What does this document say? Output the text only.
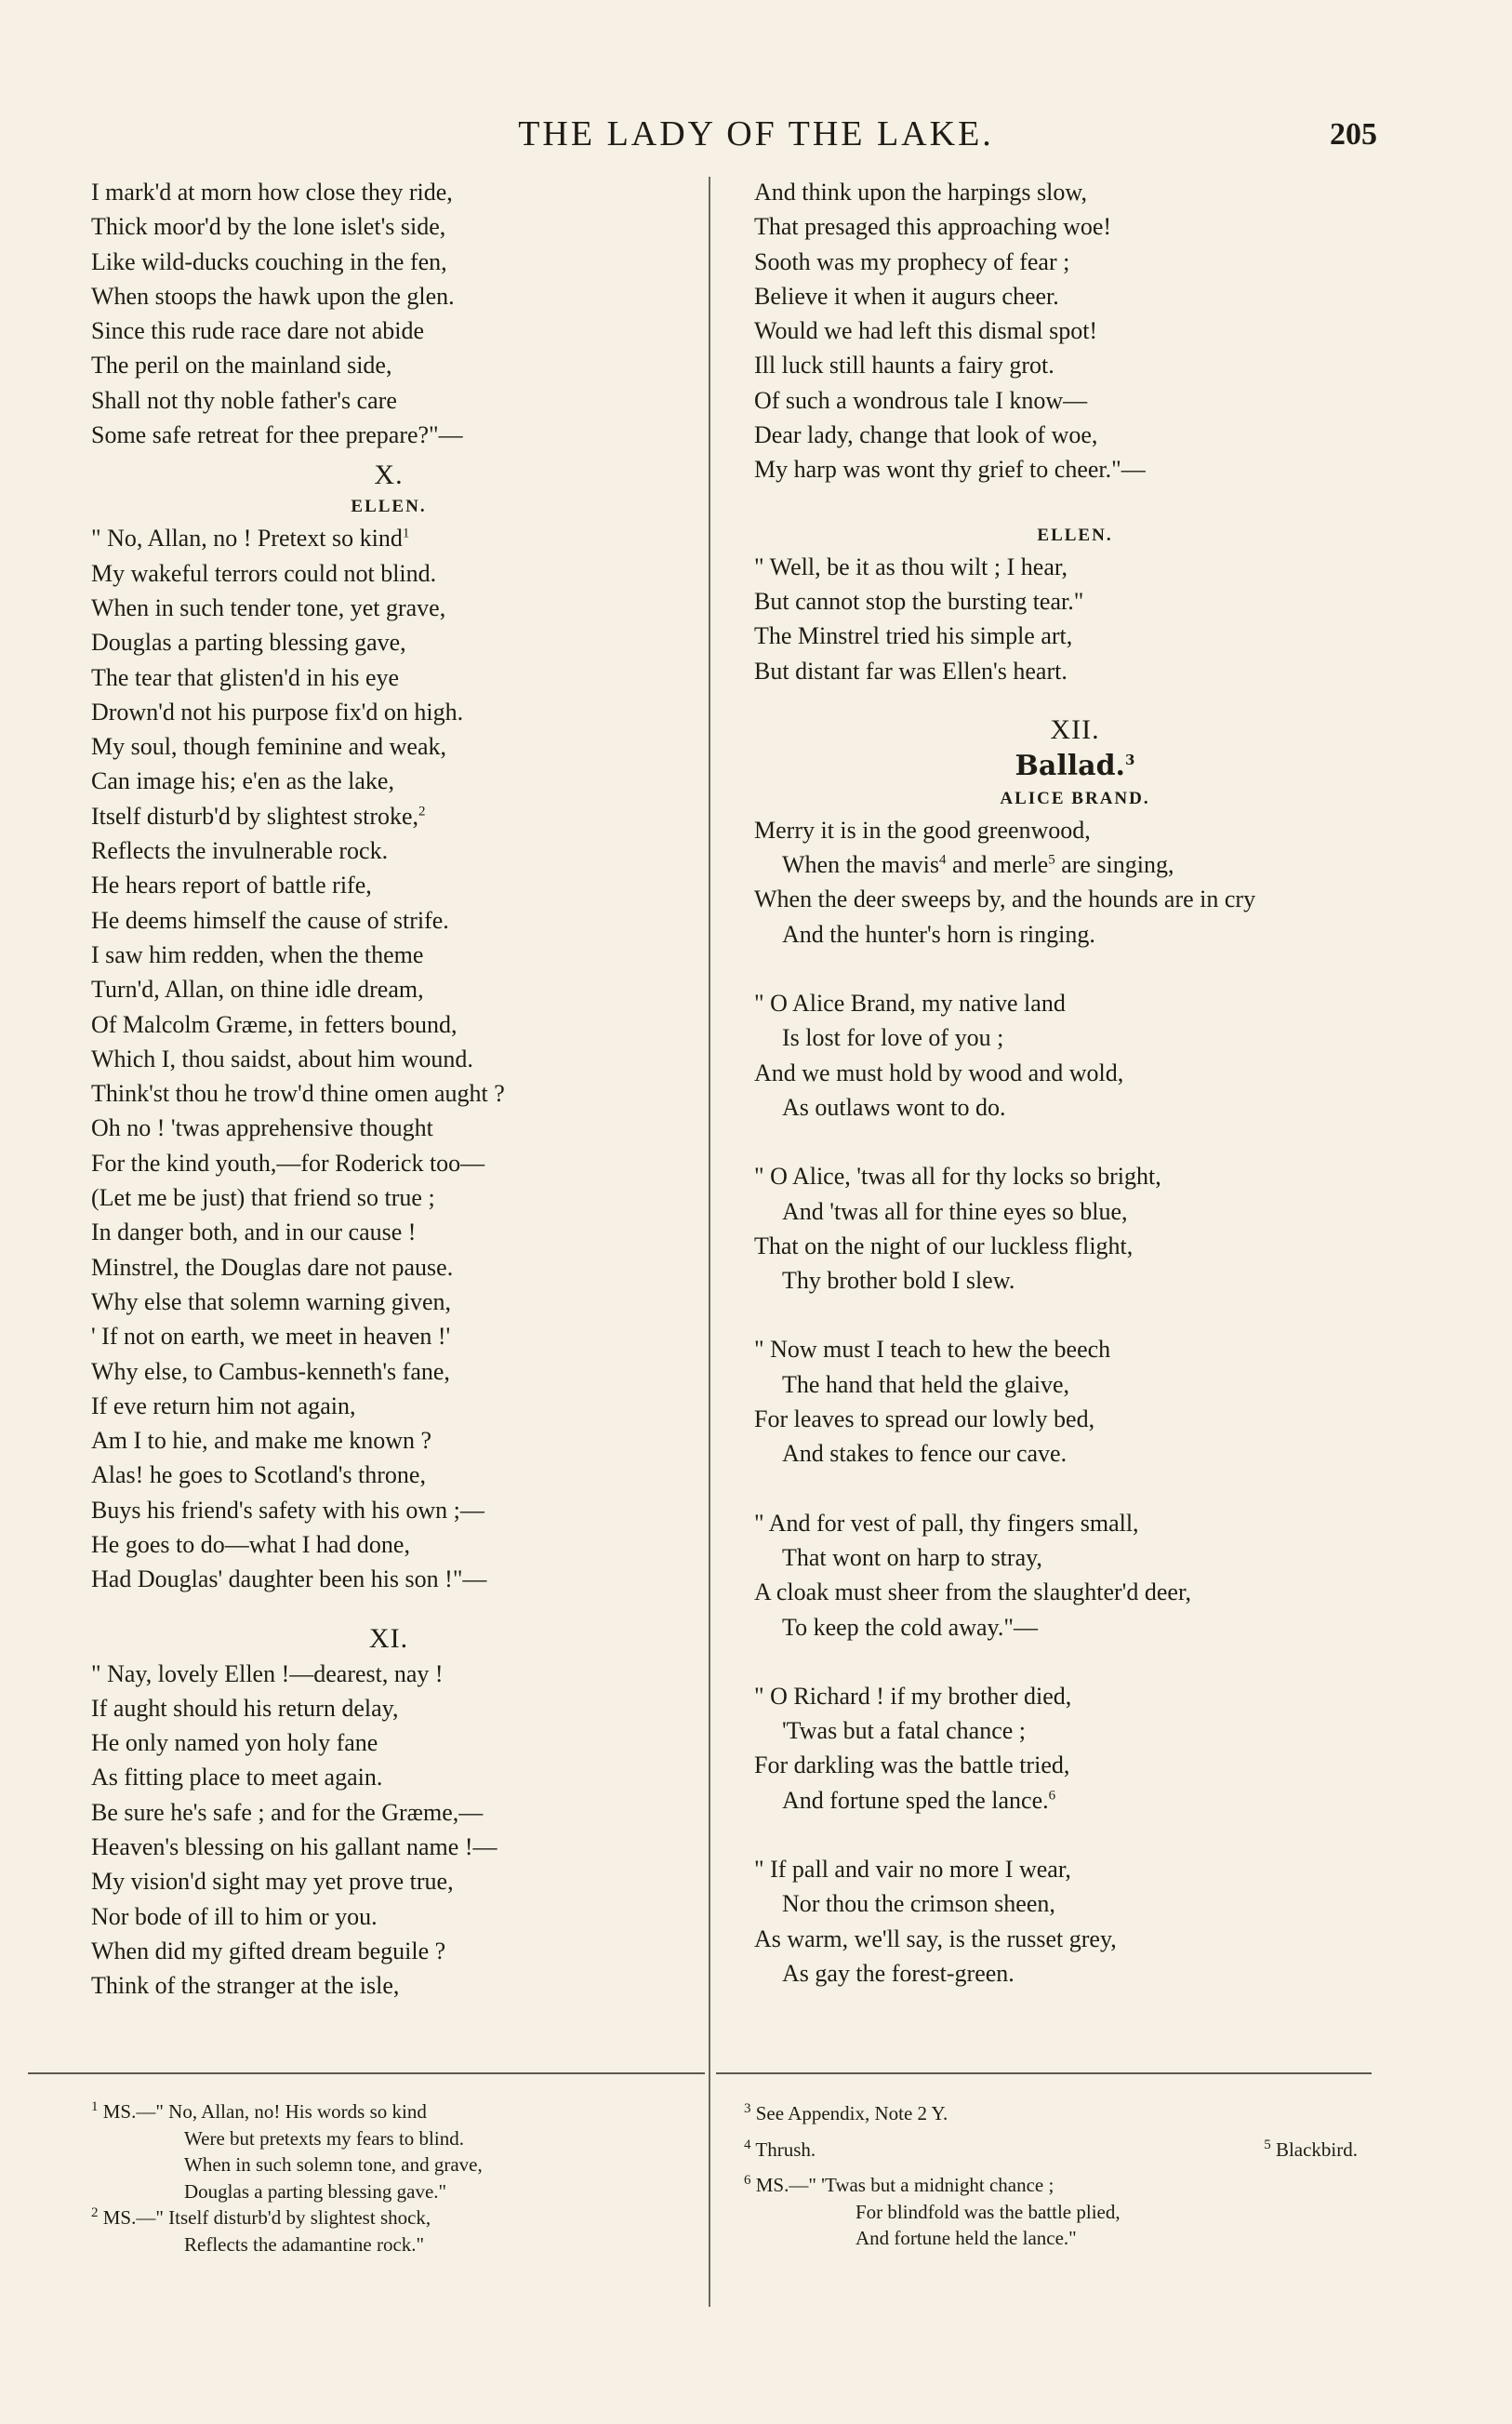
THE LADY OF THE LAKE.	205
I mark'd at morn how close they ride,
Thick moor'd by the lone islet's side,
Like wild-ducks couching in the fen,
When stoops the hawk upon the glen.
Since this rude race dare not abide
The peril on the mainland side,
Shall not thy noble father's care
Some safe retreat for thee prepare?"—
X.
ELLEN.
" No, Allan, no ! Pretext so kind$^1$
My wakeful terrors could not blind.
When in such tender tone, yet grave,
Douglas a parting blessing gave,
The tear that glisten'd in his eye
Drown'd not his purpose fix'd on high.
My soul, though feminine and weak,
Can image his; e'en as the lake,
Itself disturb'd by slightest stroke,$^2$
Reflects the invulnerable rock.
He hears report of battle rife,
He deems himself the cause of strife.
I saw him redden, when the theme
Turn'd, Allan, on thine idle dream,
Of Malcolm Græme, in fetters bound,
Which I, thou saidst, about him wound.
Think'st thou he trow'd thine omen aught ?
Oh no ! 'twas apprehensive thought
For the kind youth,—for Roderick too—
(Let me be just) that friend so true ;
In danger both, and in our cause !
Minstrel, the Douglas dare not pause.
Why else that solemn warning given,
' If not on earth, we meet in heaven !'
Why else, to Cambus-kenneth's fane,
If eve return him not again,
Am I to hie, and make me known ?
Alas! he goes to Scotland's throne,
Buys his friend's safety with his own ;—
He goes to do—what I had done,
Had Douglas' daughter been his son !"—
XI.
" Nay, lovely Ellen !—dearest, nay !
If aught should his return delay,
He only named yon holy fane
As fitting place to meet again.
Be sure he's safe ; and for the Græme,—
Heaven's blessing on his gallant name !—
My vision'd sight may yet prove true,
Nor bode of ill to him or you.
When did my gifted dream beguile ?
Think of the stranger at the isle,
And think upon the harpings slow,
That presaged this approaching woe!
Sooth was my prophecy of fear ;
Believe it when it augurs cheer.
Would we had left this dismal spot!
Ill luck still haunts a fairy grot.
Of such a wondrous tale I know—
Dear lady, change that look of woe,
My harp was wont thy grief to cheer."—
ELLEN.
" Well, be it as thou wilt ; I hear,
But cannot stop the bursting tear."
The Minstrel tried his simple art,
But distant far was Ellen's heart.
XII.
Ballad.$^3$
ALICE BRAND.
Merry it is in the good greenwood,
When the mavis$^4$ and merle$^5$ are singing,
When the deer sweeps by, and the hounds are in cry
And the hunter's horn is ringing.
" O Alice Brand, my native land
Is lost for love of you ;
And we must hold by wood and wold,
As outlaws wont to do.
" O Alice, 'twas all for thy locks so bright,
And 'twas all for thine eyes so blue,
That on the night of our luckless flight,
Thy brother bold I slew.
" Now must I teach to hew the beech
The hand that held the glaive,
For leaves to spread our lowly bed,
And stakes to fence our cave.
" And for vest of pall, thy fingers small,
That wont on harp to stray,
A cloak must sheer from the slaughter'd deer,
To keep the cold away."—
" O Richard ! if my brother died,
'Twas but a fatal chance ;
For darkling was the battle tried,
And fortune sped the lance.$^6$
" If pall and vair no more I wear,
Nor thou the crimson sheen,
As warm, we'll say, is the russet grey,
As gay the forest-green.
$^1$ MS.—" No, Allan, no! His words so kind
Were but pretexts my fears to blind.
When in such solemn tone, and grave,
Douglas a parting blessing gave."
$^2$ MS.—" Itself disturb'd by slightest shock,
Reflects the adamantine rock."
$^3$ See Appendix, Note 2 Y.
$^4$ Thrush.	$^5$ Blackbird.
$^6$ MS.—" 'Twas but a midnight chance ;
For blindfold was the battle plied,
And fortune held the lance."
